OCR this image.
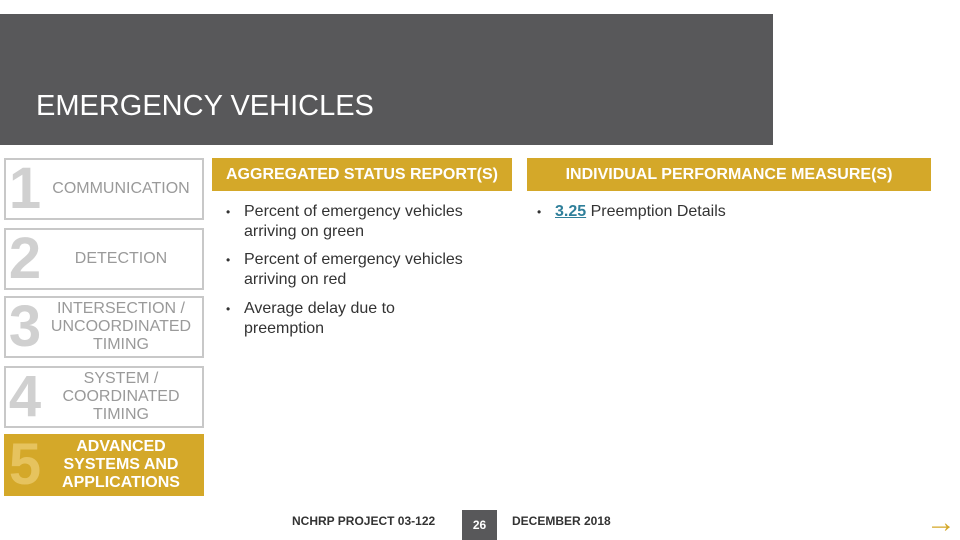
EMERGENCY VEHICLES
1 COMMUNICATION
2	DETECTION
3 INTERSECTION / UNCOORDINATED TIMING
4	SYSTEM / COORDINATED TIMING
5	ADVANCED SYSTEMS AND APPLICATIONS
AGGREGATED STATUS REPORT(S)	INDIVIDUAL PERFORMANCE MEASURE(S)
• Percent of emergency vehicles arriving on green
• Percent of emergency vehicles arriving on red
• Average delay due to preemption
• 3.25 Preemption Details
NCHRP PROJECT 03-122	26	DECEMBER 2018	→
